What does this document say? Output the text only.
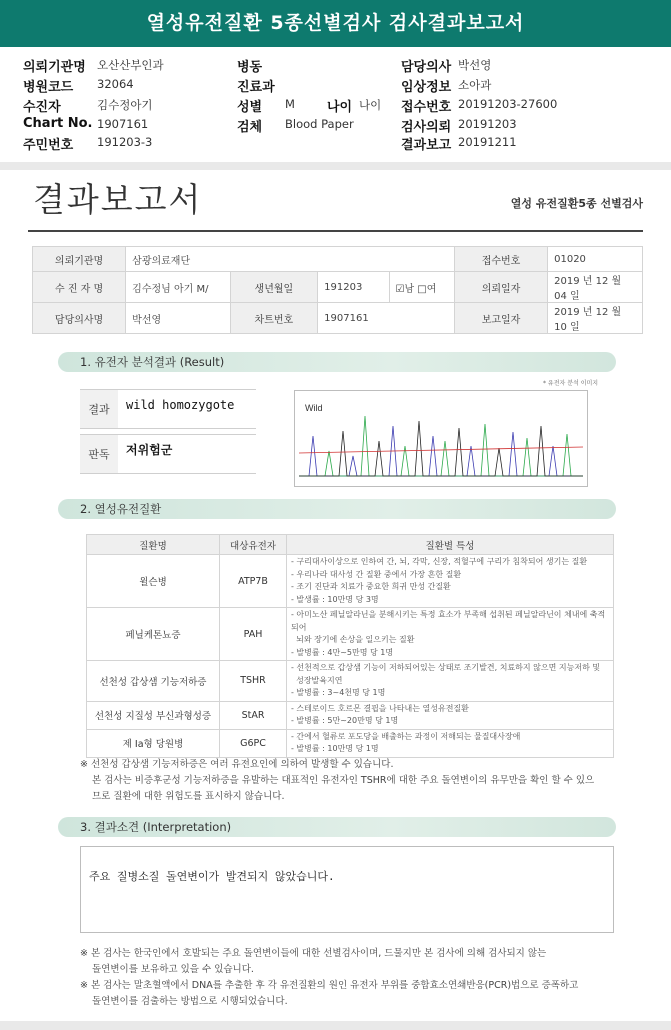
열성유전질환 5종선별검사 검사결과보고서
의뢰기관명 오산산부인과
병원코드 32064
수진자	김수정아기
Chart No. 1907161
주민번호 191203-3
병동
진료과
성별 M 나이 나이
검체 Blood Paper
담당의사 박선영
임상정보 소아과
접수번호 20191203-27600
검사의뢰 20191203
결과보고 20191211
결과보고서	열성 유전질환5종 선별검사
의뢰기관명	삼광의료재단				접수번호	01020
수 진 자 명	김수정님 아기 M/	생년월일	191203	☑남 □여	의뢰일자	2019 년 12 월 04 일
담당의사명	박선영	차트번호	1907161		보고일자	2019 년 12 월 10 일
1. 유전자 분석결과 (Result)
결과	wild homozygote

판독	저위험군
* 유전자 분석 이미지
Wild
2. 열성유전질환
질환명	대상유전자	질환별 특성
윌슨병	ATP7B	- 구리대사이상으로 인하여 간, 뇌, 각막, 신장, 적혈구에 구리가 침착되어 생기는 질환
- 우리나라 대사성 간 질환 중에서 가장 흔한 질환
- 조기 진단과 치료가 중요한 희귀 만성 간질환
- 발생률 : 10만명 당 3명

페닐케톤뇨증	PAH	- 아미노산 페닐알라닌을 분해시키는 특정 효소가 부족해 섭취된 페닐알라닌이 체내에 축적되어
뇌와 장기에 손상을 일으키는 질환
- 발병률 : 4만~5만명 당 1명

선천성 갑상샘 기능저하증	TSHR	- 선천적으로 갑상샘 기능이 저하되어있는 상태로 조기발견, 치료하지 않으면 지능저하 및
성장발육지연
- 발병률 : 3~4천명 당 1명

선천성 지질성 부신과형성증	StAR	- 스테로이드 호르몬 결핍을 나타내는 열성유전질환
- 발병률 : 5만~20만명 당 1명

제 Ia형 당원병	G6PC	- 간에서 혈류로 포도당을 배출하는 과정이 저해되는 물질대사장애
- 발병률 : 10만명 당 1명
※ 선천성 갑상샘 기능저하증은 여러 유전요인에 의하여 발생할 수 있습니다.
본 검사는 비증후군성 기능저하증을 유발하는 대표적인 유전자인 TSHR에 대한 주요 돌연변이의 유무만을 확인 할 수 있으
므로 질환에 대한 위험도를 표시하지 않습니다.
3. 결과소견 (Interpretation)
주요 질병소질 돌연변이가 발견되지 않았습니다.
※ 본 검사는 한국인에서 호발되는 주요 돌연변이들에 대한 선별검사이며, 드물지만 본 검사에 의해 검사되지 않는
돌연변이를 보유하고 있을 수 있습니다.
※ 본 검사는 말초혈액에서 DNA를 추출한 후 각 유전질환의 원인 유전자 부위를 중합효소연쇄반응(PCR)법으로 증폭하고
돌연변이를 검출하는 방법으로 시행되었습니다.
